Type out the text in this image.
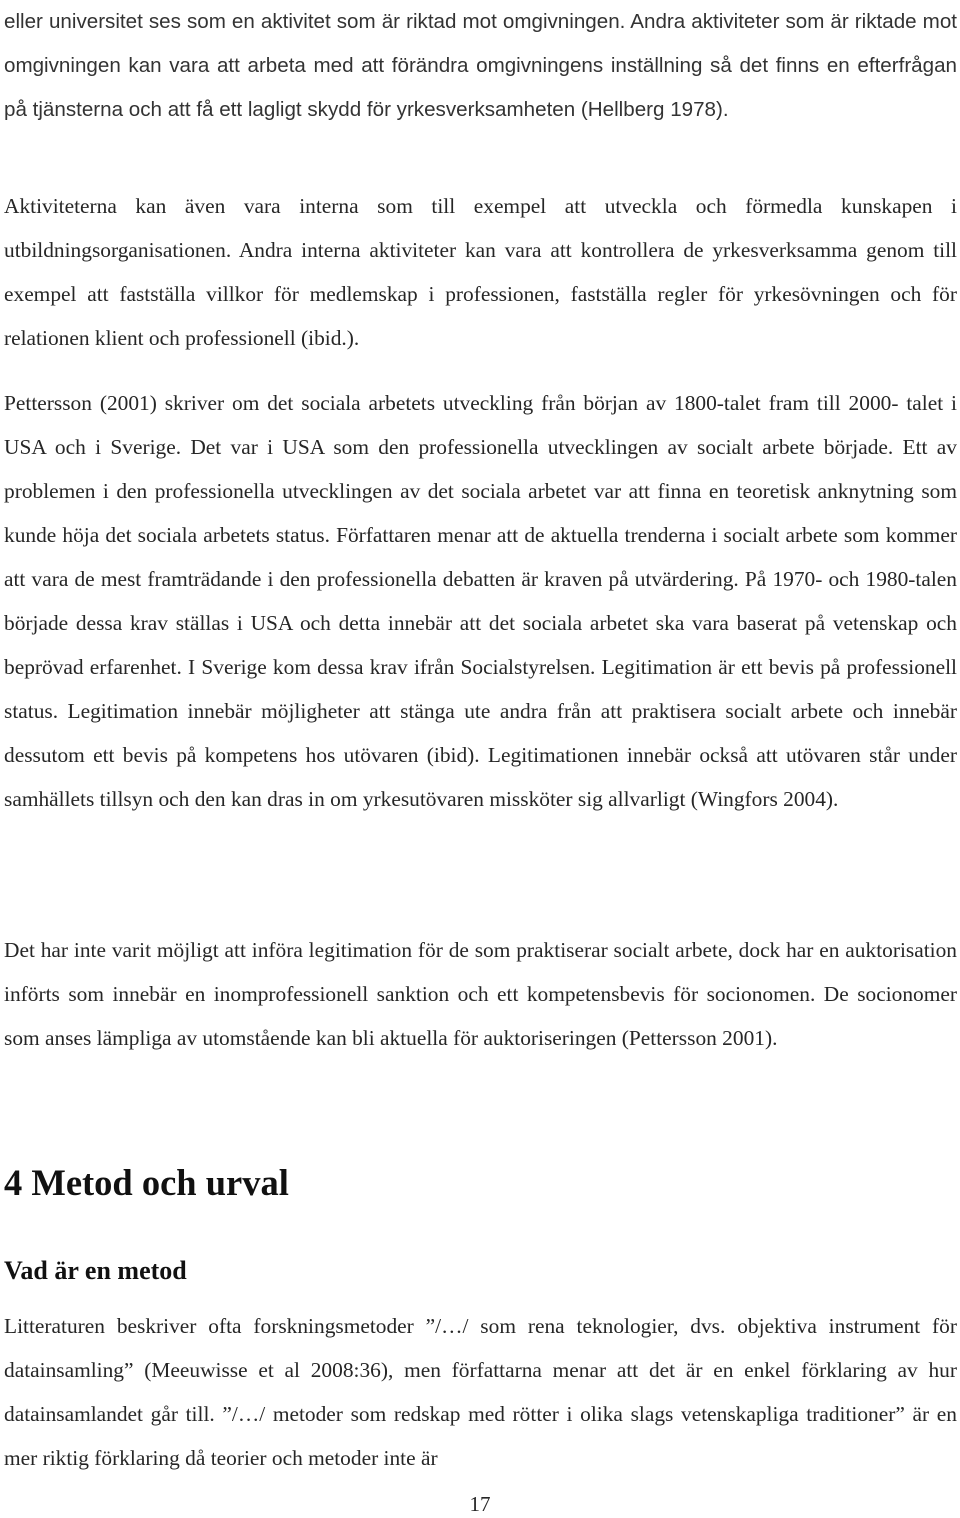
eller universitet ses som en aktivitet som är riktad mot omgivningen. Andra aktiviteter som är riktade mot omgivningen kan vara att arbeta med att förändra omgivningens inställning så det finns en efterfrågan på tjänsterna och att få ett lagligt skydd för yrkesverksamheten (Hellberg 1978).

Aktiviteterna kan även vara interna som till exempel att utveckla och förmedla kunskapen i utbildningsorganisationen. Andra interna aktiviteter kan vara att kontrollera de yrkesverksamma genom till exempel att fastställa villkor för medlemskap i professionen, fastställa regler för yrkesövningen och för relationen klient och professionell (ibid.).

Pettersson (2001) skriver om det sociala arbetets utveckling från början av 1800-talet fram till 2000- talet i USA och i Sverige. Det var i USA som den professionella utvecklingen av socialt arbete började. Ett av problemen i den professionella utvecklingen av det sociala arbetet var att finna en teoretisk anknytning som kunde höja det sociala arbetets status. Författaren menar att de aktuella trenderna i socialt arbete som kommer att vara de mest framträdande i den professionella debatten är kraven på utvärdering. På 1970- och 1980-talen började dessa krav ställas i USA och detta innebär att det sociala arbetet ska vara baserat på vetenskap och beprövad erfarenhet. I Sverige kom dessa krav ifrån Socialstyrelsen. Legitimation är ett bevis på professionell status. Legitimation innebär möjligheter att stänga ute andra från att praktisera socialt arbete och innebär dessutom ett bevis på kompetens hos utövaren (ibid). Legitimationen innebär också att utövaren står under samhällets tillsyn och den kan dras in om yrkesutövaren missköter sig allvarligt (Wingfors 2004).

Det har inte varit möjligt att införa legitimation för de som praktiserar socialt arbete, dock har en auktorisation införts som innebär en inomprofessionell sanktion och ett kompetensbevis för socionomen. De socionomer som anses lämpliga av utomstående kan bli aktuella för auktoriseringen (Pettersson 2001).

4 Metod och urval
Vad är en metod

Litteraturen beskriver ofta forskningsmetoder ”/…/ som rena teknologier, dvs. objektiva instrument för datainsamling” (Meeuwisse et al 2008:36), men författarna menar att det är en enkel förklaring av hur datainsamlandet går till. ”/…/ metoder som redskap med rötter i olika slags vetenskapliga traditioner” är en mer riktig förklaring då teorier och metoder inte är

17
